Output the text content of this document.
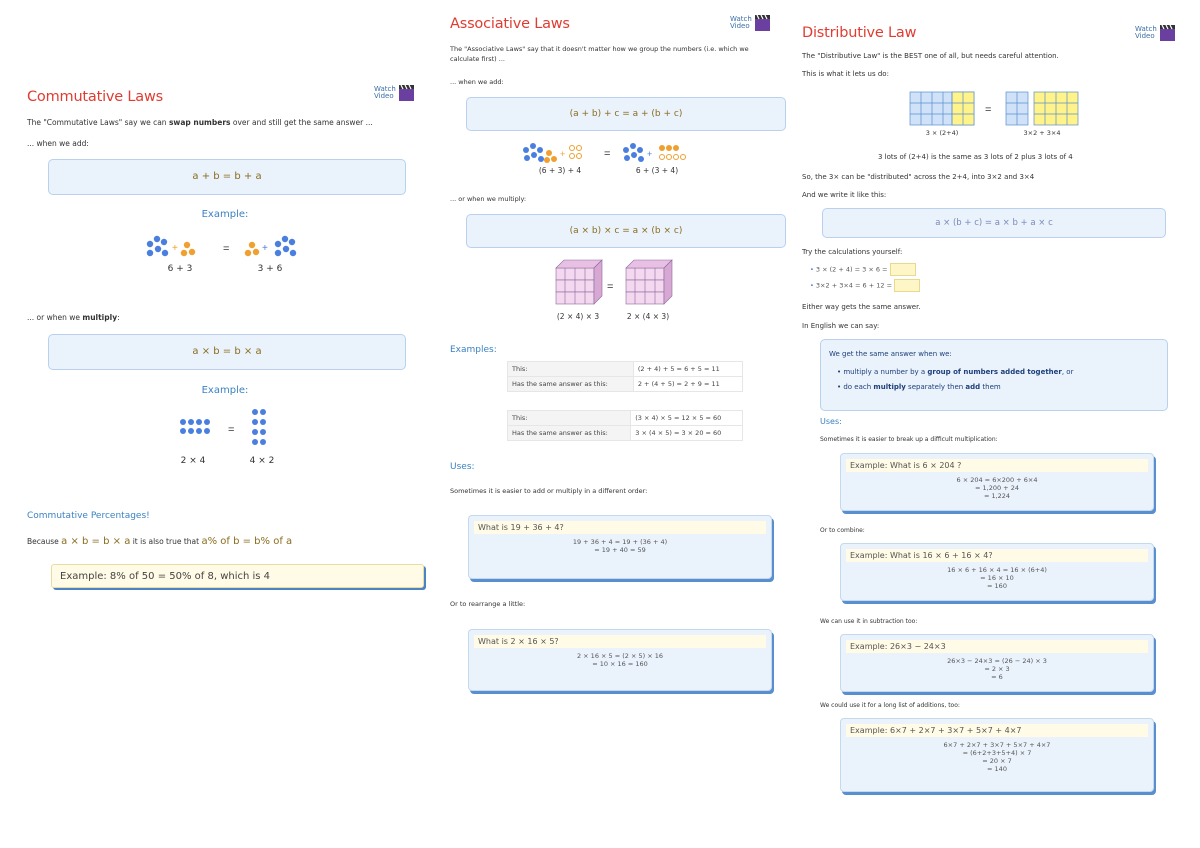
Commutative Laws	Watch Video

The "Commutative Laws" say we can swap numbers over and still get the same answer ...

... when we add:

a + b = b + a
Example:
+	=	+
6 + 3	3 + 6

... or when we multiply:

a × b = b × a
Example:
=
2 × 4	4 × 2
Commutative Percentages!

Because a × b = b × a it is also true that a% of b = b% of a

Example: 8% of 50 = 50% of 8, which is 4
Associative Laws	Watch Video

The "Associative Laws" say that it doesn't matter how we group the numbers (i.e. which we calculate first) ...

... when we add:

(a + b) + c = a + (b + c)
+	=	+
(6 + 3) + 4	6 + (3 + 4)

... or when we multiply:

(a × b) × c = a × (b × c)
=
(2 × 4) × 3	2 × (4 × 3)
Examples:
This:	(2 + 4) + 5 = 6 + 5 = 11
Has the same answer as this:	2 + (4 + 5) = 2 + 9 = 11
This:	(3 × 4) × 5 = 12 × 5 = 60
Has the same answer as this:	3 × (4 × 5) = 3 × 20 = 60
Uses:

Sometimes it is easier to add or multiply in a different order:

What is 19 + 36 + 4?
19 + 36 + 4 = 19 + (36 + 4)
= 19 + 40 = 59

Or to rearrange a little:

What is 2 × 16 × 5?
2 × 16 × 5 = (2 × 5) × 16
= 10 × 16 = 160
Distributive Law	Watch Video

The "Distributive Law" is the BEST one of all, but needs careful attention.

This is what it lets us do:

=
3 × (2+4)	3×2 + 3×4

3 lots of (2+4) is the same as 3 lots of 2 plus 3 lots of 4

So, the 3× can be "distributed" across the 2+4, into 3×2 and 3×4

And we write it like this:

a × (b + c) = a × b + a × c

Try the calculations yourself:

• 3 × (2 + 4) = 3 × 6 =
• 3×2 + 3×4 = 6 + 12 =

Either way gets the same answer.

In English we can say:

We get the same answer when we:
• multiply a number by a group of numbers added together, or
• do each multiply separately then add them
Uses:

Sometimes it is easier to break up a difficult multiplication:

Example: What is 6 × 204 ?
6 × 204 = 6×200 + 6×4
= 1,200 + 24
= 1,224

Or to combine:

Example: What is 16 × 6 + 16 × 4?
16 × 6 + 16 × 4 = 16 × (6+4)
= 16 × 10
= 160

We can use it in subtraction too:

Example: 26×3 − 24×3
26×3 − 24×3 = (26 − 24) × 3
= 2 × 3
= 6

We could use it for a long list of additions, too:

Example: 6×7 + 2×7 + 3×7 + 5×7 + 4×7
6×7 + 2×7 + 3×7 + 5×7 + 4×7
= (6+2+3+5+4) × 7
= 20 × 7
= 140
